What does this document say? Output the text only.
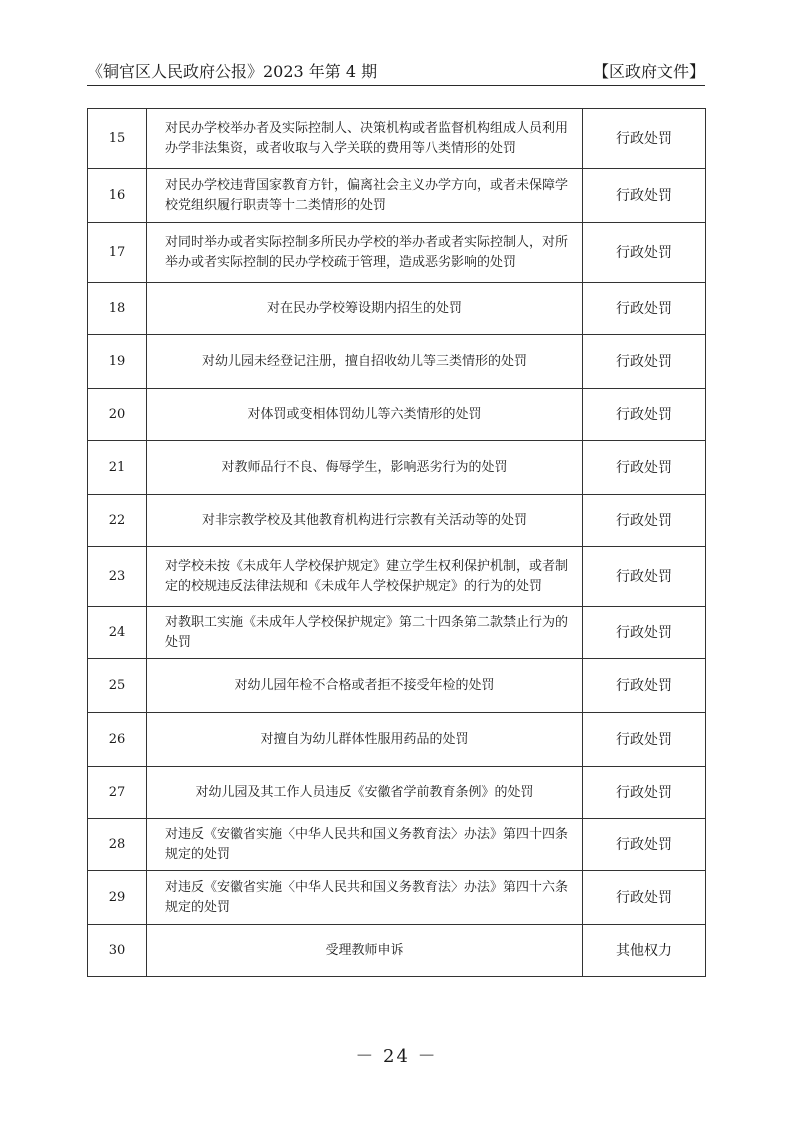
《铜官区人民政府公报》2023 年第 4 期	【区政府文件】
15	对民办学校举办者及实际控制人、决策机构或者监督机构组成人员利用办学非法集资，或者收取与入学关联的费用等八类情形的处罚	行政处罚
16	对民办学校违背国家教育方针，偏离社会主义办学方向，或者未保障学校党组织履行职责等十二类情形的处罚	行政处罚
17	对同时举办或者实际控制多所民办学校的举办者或者实际控制人，对所举办或者实际控制的民办学校疏于管理，造成恶劣影响的处罚	行政处罚
18	对在民办学校筹设期内招生的处罚	行政处罚
19	对幼儿园未经登记注册，擅自招收幼儿等三类情形的处罚	行政处罚
20	对体罚或变相体罚幼儿等六类情形的处罚	行政处罚
21	对教师品行不良、侮辱学生，影响恶劣行为的处罚	行政处罚
22	对非宗教学校及其他教育机构进行宗教有关活动等的处罚	行政处罚
23	对学校未按《未成年人学校保护规定》建立学生权利保护机制，或者制定的校规违反法律法规和《未成年人学校保护规定》的行为的处罚	行政处罚
24	对教职工实施《未成年人学校保护规定》第二十四条第二款禁止行为的处罚	行政处罚
25	对幼儿园年检不合格或者拒不接受年检的处罚	行政处罚
26	对擅自为幼儿群体性服用药品的处罚	行政处罚
27	对幼儿园及其工作人员违反《安徽省学前教育条例》的处罚	行政处罚
28	对违反《安徽省实施〈中华人民共和国义务教育法〉办法》第四十四条规定的处罚	行政处罚
29	对违反《安徽省实施〈中华人民共和国义务教育法〉办法》第四十六条规定的处罚	行政处罚
30	受理教师申诉	其他权力
－ 24 －
